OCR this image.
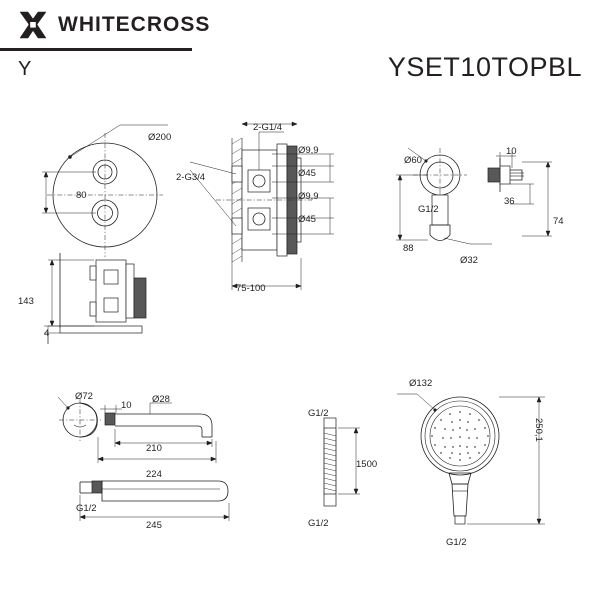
WHITECROSS
Y	YSET10TOPBL
Ø200
80
2-G1/4
2-G3/4
Ø9,9
Ø45
Ø9,9
Ø45
75-100
143
4
Ø60
10
G1/2
36
74
88
Ø32
Ø72
10
Ø28
210
224
G1/2
245
G1/2
1500
G1/2
Ø132
250,1
G1/2
